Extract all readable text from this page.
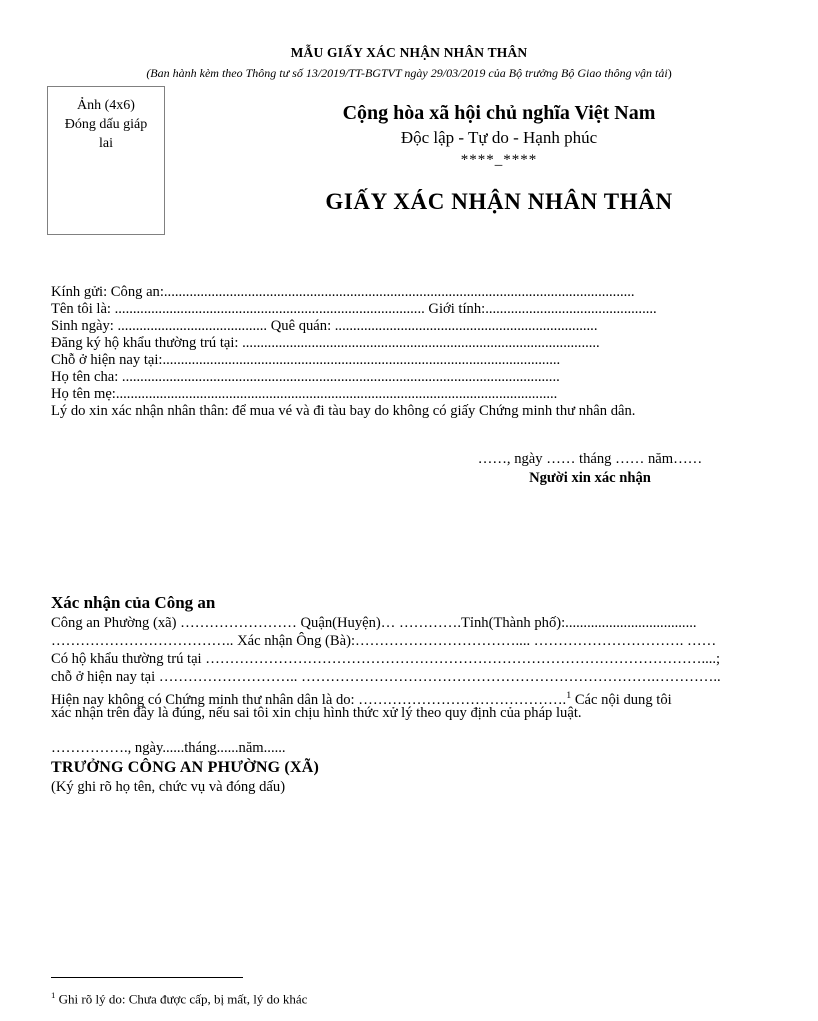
MẪU GIẤY XÁC NHẬN NHÂN THÂN
(Ban hành kèm theo Thông tư số 13/2019/TT-BGTVT ngày 29/03/2019 của Bộ trưởng Bộ Giao thông vận tải)
Ảnh (4x6)
Đóng dấu giáp
lai
Cộng hòa xã hội chủ nghĩa Việt Nam
Độc lập - Tự do - Hạnh phúc
****_****
GIẤY XÁC NHẬN NHÂN THÂN
Kính gửi: Công an:.................................................................................................................................
Tên tôi là: ..................................................................................... Giới tính:...............................................
Sinh ngày: ......................................... Quê quán: ........................................................................
Đăng ký hộ khẩu thường trú tại: ..................................................................................................
Chỗ ở hiện nay tại:.............................................................................................................
Họ tên cha: ........................................................................................................................
Họ tên mẹ:.........................................................................................................................
Lý do xin xác nhận nhân thân: để mua vé và đi tàu bay do không có giấy Chứng minh thư nhân dân.
……, ngày …… tháng …… năm……
Người xin xác nhận
Xác nhận của Công an
Công an Phường (xã) …………………… Quận(Huyện)… ………….Tỉnh(Thành phố):....................................
……………………………….. Xác nhận Ông (Bà):…………………………….... …………………………. ……
Có hộ khẩu thường trú tại …………………………………………………………………………………………....;
chỗ ở hiện nay tại ……………………….. ……………………………………………………………….…………..
Hiện nay không có Chứng minh thư nhân dân là do: …………………………………….$^1$ Các nội dung tôi
xác nhận trên đây là đúng, nếu sai tôi xin chịu hình thức xử lý theo quy định của pháp luật.
……………., ngày......tháng......năm......
TRƯỞNG CÔNG AN PHƯỜNG (XÃ)
(Ký ghi rõ họ tên, chức vụ và đóng dấu)
$^1$ Ghi rõ lý do: Chưa được cấp, bị mất, lý do khác
